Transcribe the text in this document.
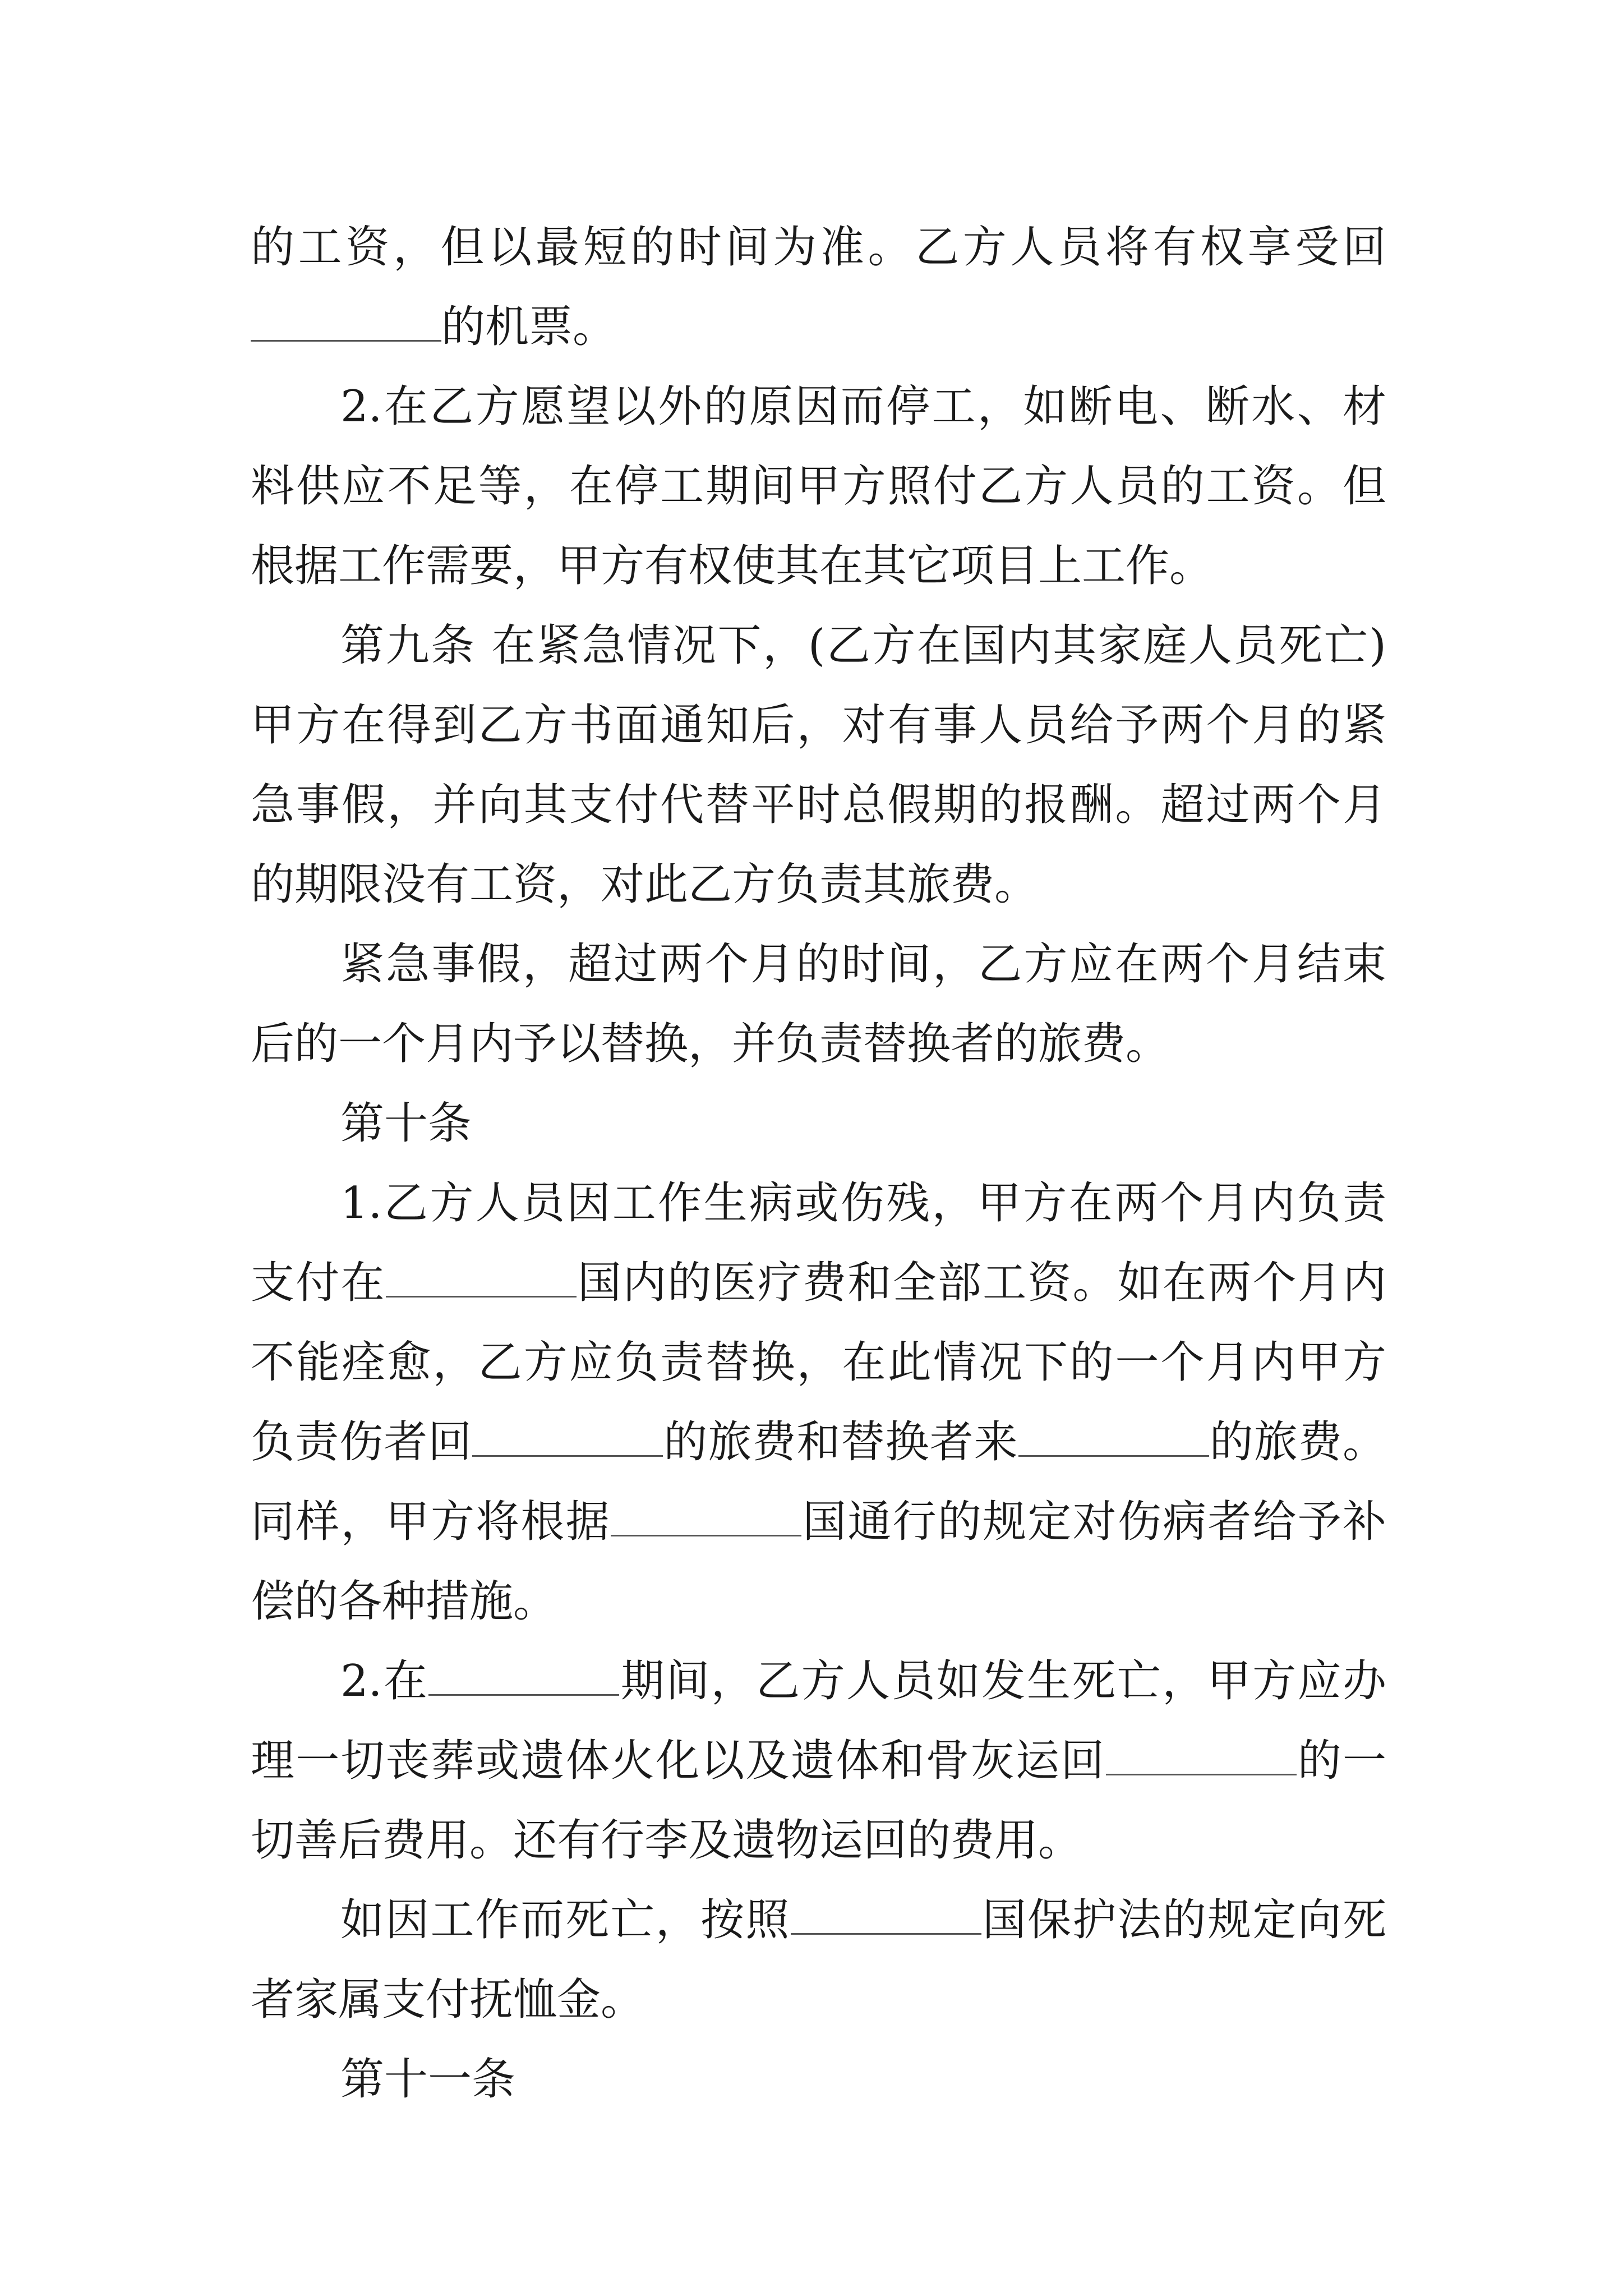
的工资，但以最短的时间为准。乙方人员将有权享受回的机票。

2.在乙方愿望以外的原因而停工，如断电、断水、材料供应不足等，在停工期间甲方照付乙方人员的工资。但根据工作需要，甲方有权使其在其它项目上工作。

第九条 在紧急情况下，(乙方在国内其家庭人员死亡)甲方在得到乙方书面通知后，对有事人员给予两个月的紧急事假，并向其支付代替平时总假期的报酬。超过两个月的期限没有工资，对此乙方负责其旅费。

紧急事假，超过两个月的时间，乙方应在两个月结束后的一个月内予以替换，并负责替换者的旅费。

第十条

1.乙方人员因工作生病或伤残，甲方在两个月内负责支付在	国内的医疗费和全部工资。如在两个月内不能痊愈，乙方应负责替换，在此情况下的一个月内甲方负责伤者回	的旅费和替换者来	的旅费。同样，甲方将根据	国通行的规定对伤病者给予补偿的各种措施。

2.在	期间，乙方人员如发生死亡，甲方应办理一切丧葬或遗体火化以及遗体和骨灰运回	的一切善后费用。还有行李及遗物运回的费用。

如因工作而死亡，按照	国保护法的规定向死者家属支付抚恤金。

第十一条
